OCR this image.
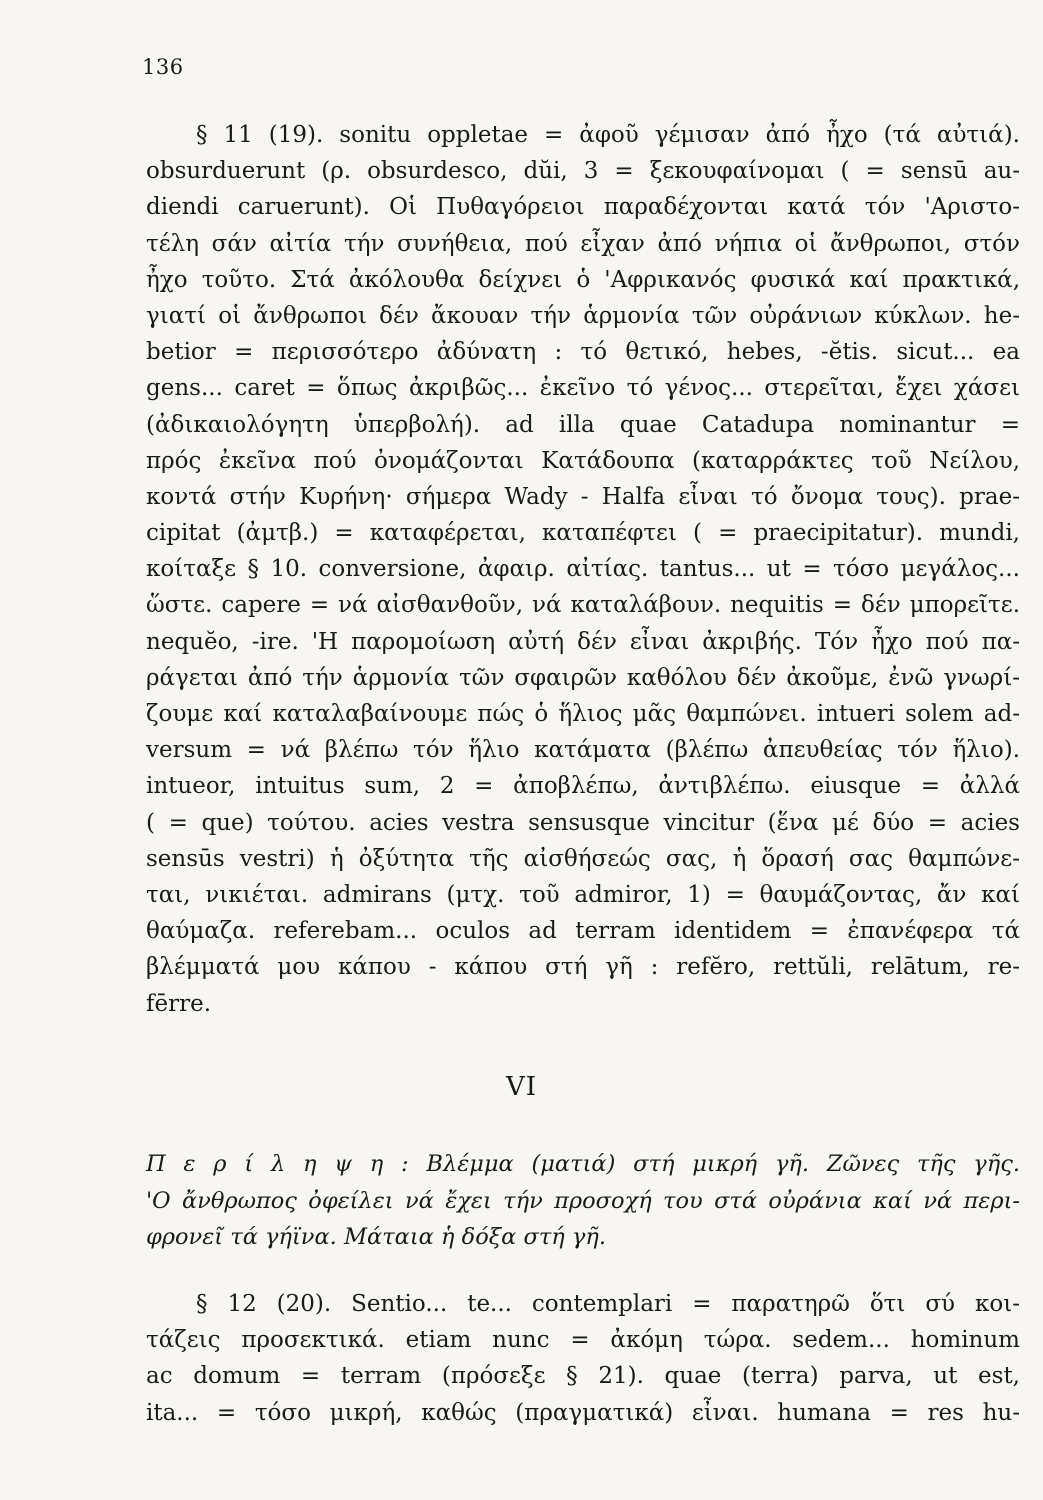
136
§ 11 (19). sonitu oppletae = ἀφοῦ γέμισαν ἀπό ἦχο (τά αὐτιά).
obsurduerunt (ρ. obsurdesco, dŭi, 3 = ξεκουφαίνομαι ( = sensū au-
diendi caruerunt). Οἱ Πυθαγόρειοι παραδέχονται κατά τόν 'Αριστο-
τέλη σάν αἰτία τήν συνήθεια, πού εἶχαν ἀπό νήπια οἱ ἄνθρωποι, στόν
ἦχο τοῦτο. Στά ἀκόλουθα δείχνει ὁ 'Αφρικανός φυσικά καί πρακτικά,
γιατί οἱ ἄνθρωποι δέν ἄκουαν τήν ἁρμονία τῶν οὐράνιων κύκλων. he-
betior = περισσότερο ἀδύνατη : τό θετικό, hebes, -ĕtis. sicut... ea
gens... caret = ὅπως ἀκριβῶς... ἐκεῖνο τό γένος... στερεῖται, ἔχει χάσει
(ἀδικαιολόγητη ὑπερβολή). ad illa quae Catadupa nominantur =
πρός ἐκεῖνα πού ὀνομάζονται Κατάδουπα (καταρράκτες τοῦ Νείλου,
κοντά στήν Κυρήνη· σήμερα Wady - Halfa εἶναι τό ὄνομα τους). prae-
cipitat (ἀμτβ.) = καταφέρεται, καταπέφτει ( = praecipitatur). mundi,
κοίταξε § 10. conversione, ἀφαιρ. αἰτίας. tantus... ut = τόσο μεγάλος...
ὥστε. capere = νά αἰσθανθοῦν, νά καταλάβουν. nequitis = δέν μπορεῖτε.
nequĕo, -ire. 'Η παρομοίωση αὐτή δέν εἶναι ἀκριβής. Τόν ἦχο πού πα-
ράγεται ἀπό τήν ἁρμονία τῶν σφαιρῶν καθόλου δέν ἀκοῦμε, ἐνῶ γνωρί-
ζουμε καί καταλαβαίνουμε πώς ὁ ἥλιος μᾶς θαμπώνει. intueri solem ad-
versum = νά βλέπω τόν ἥλιο κατάματα (βλέπω ἀπευθείας τόν ἥλιο).
intueor, intuitus sum, 2 = ἀποβλέπω, ἀντιβλέπω. eiusque = ἀλλά
( = que) τούτου. acies vestra sensusque vincitur (ἕνα μέ δύο = acies
sensūs vestri) ἡ ὀξύτητα τῆς αἰσθήσεώς σας, ἡ ὅρασή σας θαμπώνε-
ται, νικιέται. admirans (μτχ. τοῦ admiror, 1) = θαυμάζοντας, ἄν καί
θαύμαζα. referebam... oculos ad terram identidem = ἐπανέφερα τά
βλέμματά μου κάπου - κάπου στή γῆ : refĕro, rettŭli, relātum, re-
fērre.
VI
Π ε ρ ί λ η ψ η : Βλέμμα (ματιά) στή μικρή γῆ. Ζῶνες τῆς γῆς.
'Ο ἄνθρωπος ὀφείλει νά ἔχει τήν προσοχή του στά οὐράνια καί νά περι-
φρονεῖ τά γήϊνα. Μάταια ἡ δόξα στή γῆ.
§ 12 (20). Sentio... te... contemplari = παρατηρῶ ὅτι σύ κοι-
τάζεις προσεκτικά. etiam nunc = ἀκόμη τώρα. sedem... hominum
ac domum = terram (πρόσεξε § 21). quae (terra) parva, ut est,
ita... = τόσο μικρή, καθώς (πραγματικά) εἶναι. humana = res hu-
